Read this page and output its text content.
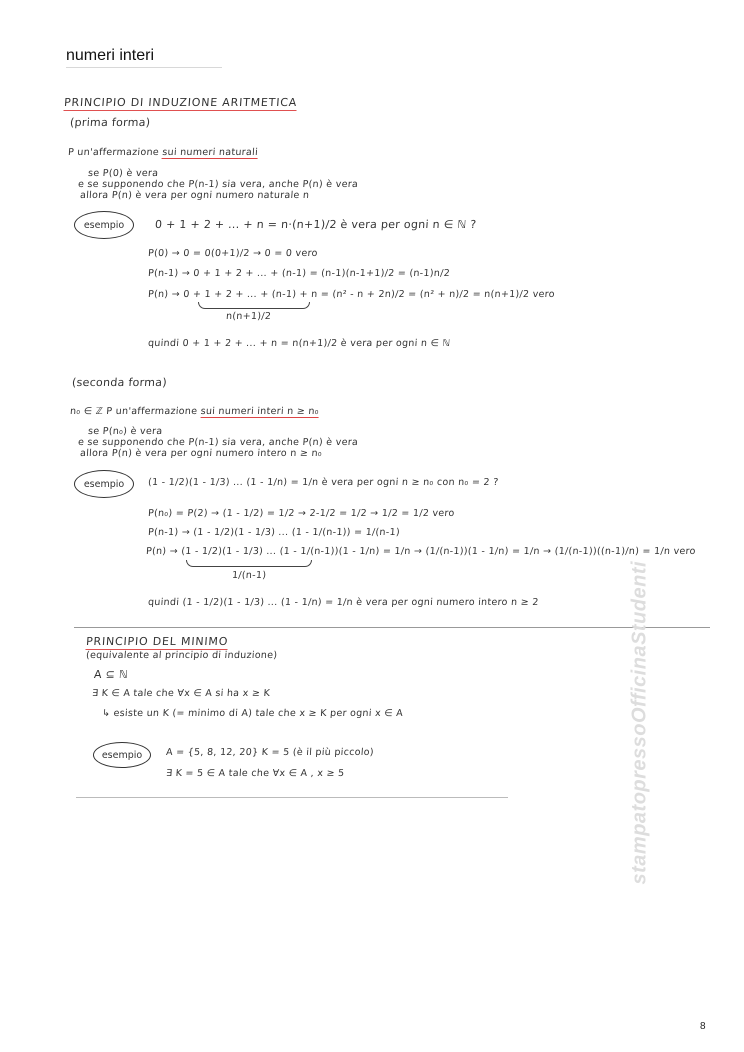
numeri interi
PRINCIPIO DI INDUZIONE ARITMETICA
(prima forma)
P un'affermazione sui numeri naturali
se P(0) è vera
e se supponendo che P(n-1) sia vera, anche P(n) è vera
allora P(n) è vera per ogni numero naturale n
esempio	0 + 1 + 2 + ... + n = n·(n+1)/2 è vera per ogni n ∈ ℕ ?
P(0) → 0 = 0(0+1)/2 → 0 = 0 vero
P(n-1) → 0 + 1 + 2 + ... + (n-1) = (n-1)(n-1+1)/2 = (n-1)n/2
P(n) → 0 + 1 + 2 + ... + (n-1) + n = (n² - n + 2n)/2 = (n² + n)/2 = n(n+1)/2 vero
n(n+1)/2
quindi 0 + 1 + 2 + ... + n = n(n+1)/2 è vera per ogni n ∈ ℕ
(seconda forma)
n₀ ∈ ℤ P un'affermazione sui numeri interi n ≥ n₀
se P(n₀) è vera
e se supponendo che P(n-1) sia vera, anche P(n) è vera
allora P(n) è vera per ogni numero intero n ≥ n₀
esempio	(1 - 1/2)(1 - 1/3) ... (1 - 1/n) = 1/n è vera per ogni n ≥ n₀ con n₀ = 2 ?
P(n₀) = P(2) → (1 - 1/2) = 1/2 → 2-1/2 = 1/2 → 1/2 = 1/2 vero
P(n-1) → (1 - 1/2)(1 - 1/3) ... (1 - 1/(n-1)) = 1/(n-1)
P(n) → (1 - 1/2)(1 - 1/3) ... (1 - 1/(n-1))(1 - 1/n) = 1/n → (1/(n-1))(1 - 1/n) = 1/n → (1/(n-1))((n-1)/n) = 1/n vero
1/(n-1)
quindi (1 - 1/2)(1 - 1/3) ... (1 - 1/n) = 1/n è vera per ogni numero intero n ≥ 2
PRINCIPIO DEL MINIMO
(equivalente al principio di induzione)
A ⊆ ℕ
∃ K ∈ A tale che ∀x ∈ A si ha x ≥ K
↳ esiste un K (= minimo di A) tale che x ≥ K per ogni x ∈ A
esempio	A = {5, 8, 12, 20} K = 5 (è il più piccolo)
∃ K = 5 ∈ A tale che ∀x ∈ A , x ≥ 5	stampatopressoOfficinaStudenti
8
